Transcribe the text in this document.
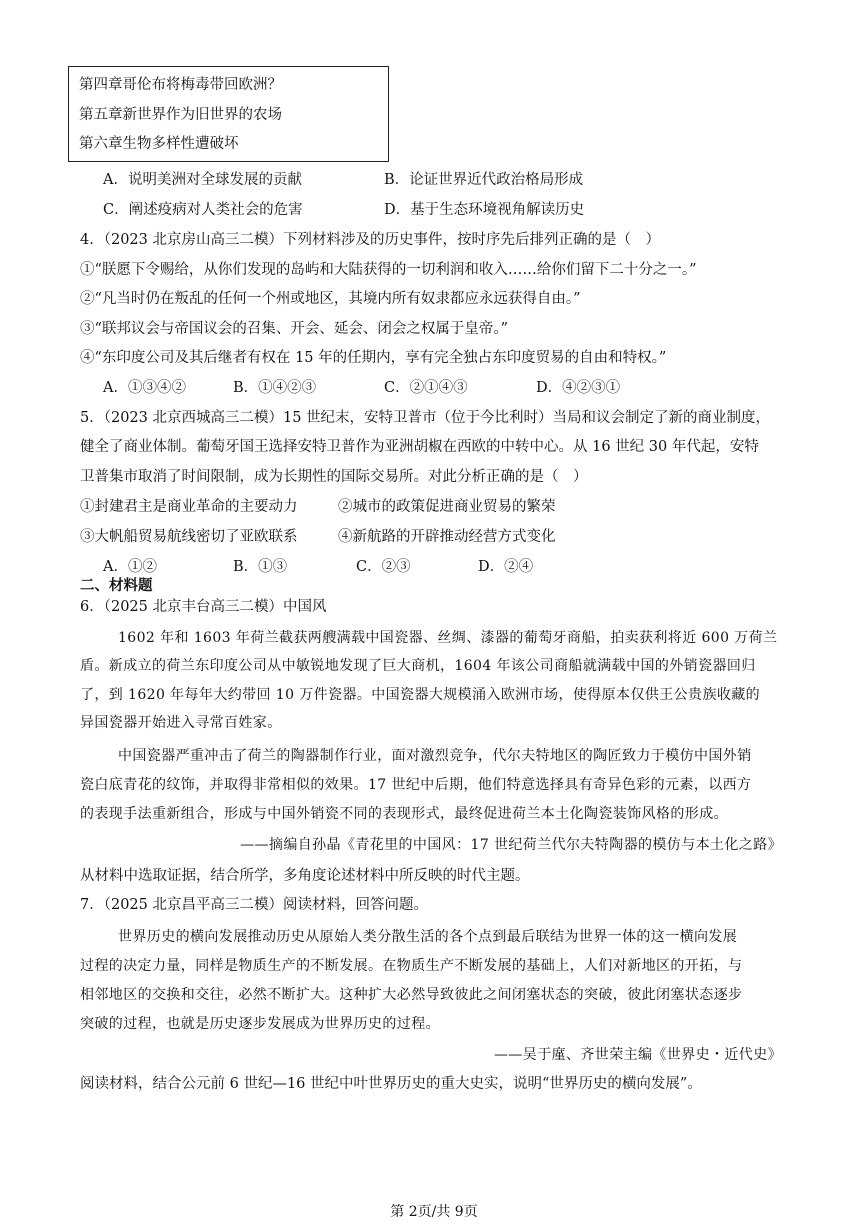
第四章哥伦布将梅毒带回欧洲？
第五章新世界作为旧世界的农场
第六章生物多样性遭破坏
A．说明美洲对全球发展的贡献	B．论证世界近代政治格局形成
C．阐述疫病对人类社会的危害	D．基于生态环境视角解读历史
4．（2023 北京房山高三二模）下列材料涉及的历史事件，按时序先后排列正确的是（　）
①“朕愿下令赐给，从你们发现的岛屿和大陆获得的一切利润和收入……给你们留下二十分之一。”
②“凡当时仍在叛乱的任何一个州或地区，其境内所有奴隶都应永远获得自由。”
③“联邦议会与帝国议会的召集、开会、延会、闭会之权属于皇帝。”
④“东印度公司及其后继者有权在 15 年的任期内，享有完全独占东印度贸易的自由和特权。”
A．①③④②	B．①④②③	C．②①④③	D．④②③①
5．（2023 北京西城高三二模）15 世纪末，安特卫普市（位于今比利时）当局和议会制定了新的商业制度，
健全了商业体制。葡萄牙国王选择安特卫普作为亚洲胡椒在西欧的中转中心。从 16 世纪 30 年代起，安特
卫普集市取消了时间限制，成为长期性的国际交易所。对此分析正确的是（　）
①封建君主是商业革命的主要动力	②城市的政策促进商业贸易的繁荣
③大帆船贸易航线密切了亚欧联系	④新航路的开辟推动经营方式变化
A．①②	B．①③	C．②③	D．②④
二、材料题
6．（2025 北京丰台高三二模）中国风
1602 年和 1603 年荷兰截获两艘满载中国瓷器、丝绸、漆器的葡萄牙商船，拍卖获利将近 600 万荷兰
盾。新成立的荷兰东印度公司从中敏锐地发现了巨大商机，1604 年该公司商船就满载中国的外销瓷器回归
了，到 1620 年每年大约带回 10 万件瓷器。中国瓷器大规模涌入欧洲市场，使得原本仅供王公贵族收藏的
异国瓷器开始进入寻常百姓家。
中国瓷器严重冲击了荷兰的陶器制作行业，面对激烈竞争，代尔夫特地区的陶匠致力于模仿中国外销
瓷白底青花的纹饰，并取得非常相似的效果。17 世纪中后期，他们特意选择具有奇异色彩的元素，以西方
的表现手法重新组合，形成与中国外销瓷不同的表现形式，最终促进荷兰本土化陶瓷装饰风格的形成。
——摘编自孙晶《青花里的中国风：17 世纪荷兰代尔夫特陶器的模仿与本土化之路》
从材料中选取证据，结合所学，多角度论述材料中所反映的时代主题。
7．（2025 北京昌平高三二模）阅读材料，回答问题。
世界历史的横向发展推动历史从原始人类分散生活的各个点到最后联结为世界一体的这一横向发展
过程的决定力量，同样是物质生产的不断发展。在物质生产不断发展的基础上，人们对新地区的开拓，与
相邻地区的交换和交往，必然不断扩大。这种扩大必然导致彼此之间闭塞状态的突破，彼此闭塞状态逐步
突破的过程，也就是历史逐步发展成为世界历史的过程。
——吴于廑、齐世荣主编《世界史・近代史》
阅读材料，结合公元前 6 世纪—16 世纪中叶世界历史的重大史实，说明“世界历史的横向发展”。
第 2页/共 9页
